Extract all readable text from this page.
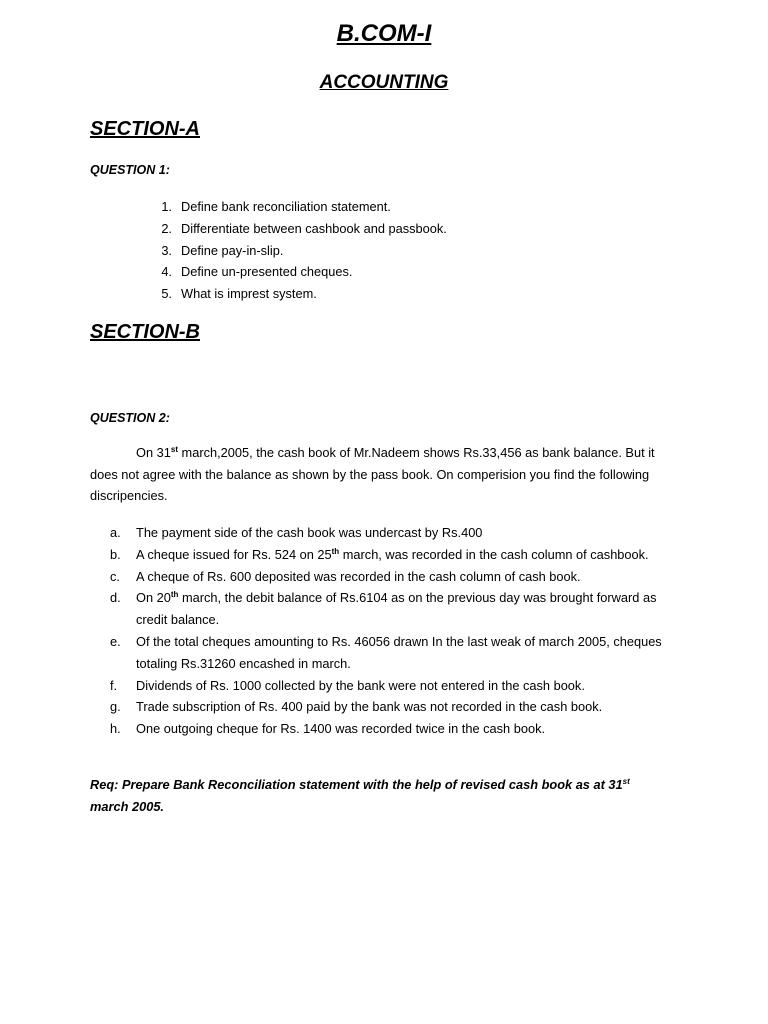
B.COM-I
ACCOUNTING
SECTION-A
QUESTION 1:
1. Define bank reconciliation statement.
2. Differentiate between cashbook and passbook.
3. Define pay-in-slip.
4. Define un-presented cheques.
5. What is imprest system.
SECTION-B
QUESTION 2:
On 31st march,2005, the cash book of Mr.Nadeem shows Rs.33,456 as bank balance. But it does not agree with the balance as shown by the pass book. On comperision you find the following discripencies.
a. The payment side of the cash book was undercast by Rs.400
b. A cheque issued for Rs. 524 on 25th march, was recorded in the cash column of cashbook.
c.	A cheque of Rs. 600 deposited was recorded in the cash column of cash book.
d. On 20th march, the debit balance of Rs.6104 as on the previous day was brought forward as credit balance.
e. Of the total cheques amounting to Rs. 46056 drawn In the last weak of march 2005, cheques totaling Rs.31260 encashed in march.
f.	Dividends of Rs. 1000 collected by the bank were not entered in the cash book.
g. Trade subscription of Rs. 400 paid by the bank was not recorded in the cash book.
h. One outgoing cheque for Rs. 1400 was recorded twice in the cash book.
Req: Prepare Bank Reconciliation statement with the help of revised cash book as at 31st march 2005.
